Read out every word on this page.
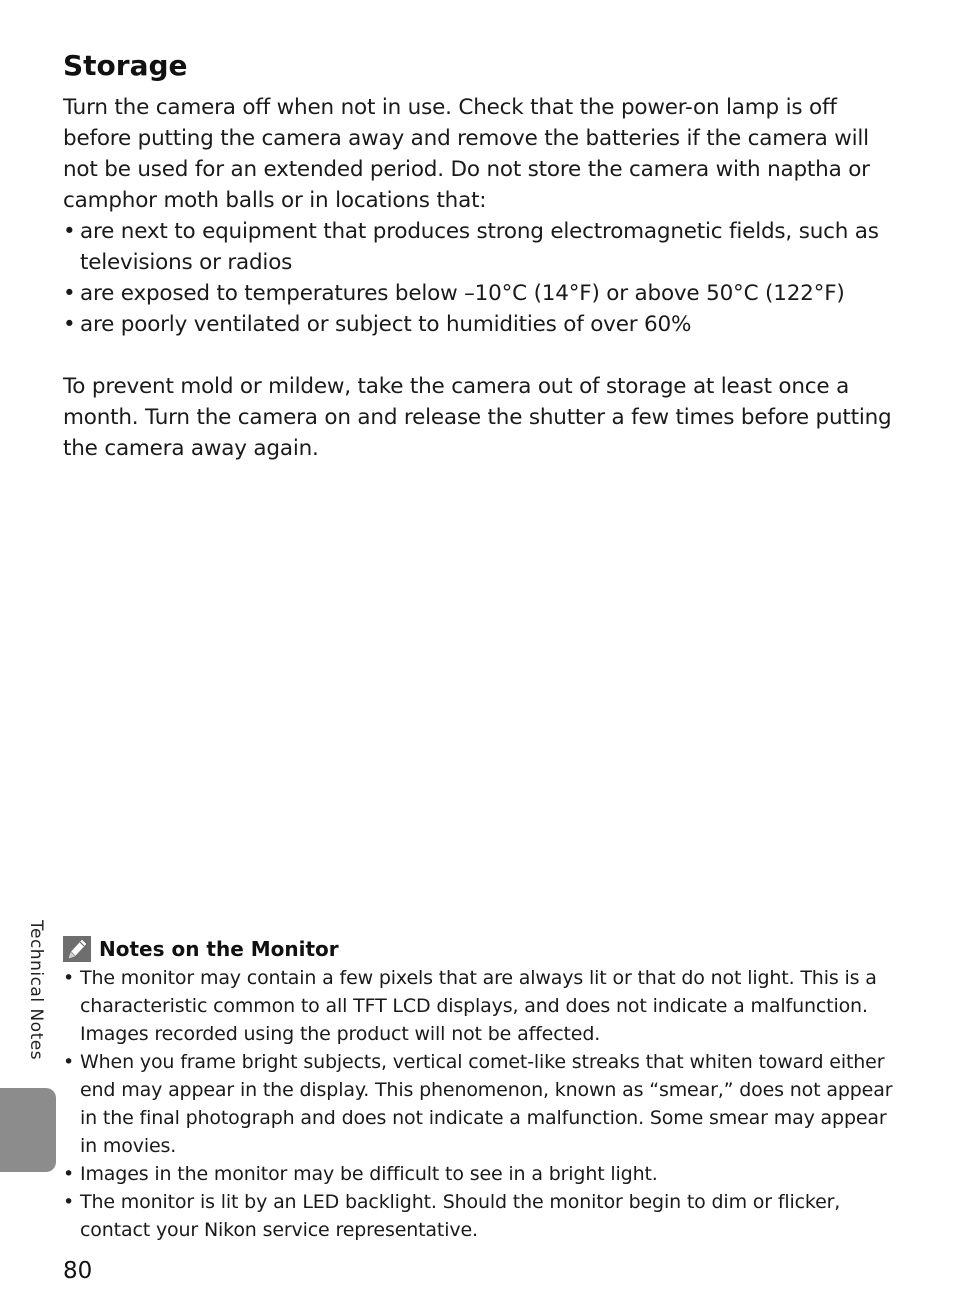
Storage

Turn the camera off when not in use. Check that the power-on lamp is off before putting the camera away and remove the batteries if the camera will not be used for an extended period. Do not store the camera with naptha or camphor moth balls or in locations that:

• are next to equipment that produces strong electromagnetic fields, such as televisions or radios
• are exposed to temperatures below –10°C (14°F) or above 50°C (122°F)
• are poorly ventilated or subject to humidities of over 60%

To prevent mold or mildew, take the camera out of storage at least once a month. Turn the camera on and release the shutter a few times before putting the camera away again.

Technical Notes	Notes on the Monitor
• The monitor may contain a few pixels that are always lit or that do not light. This is a characteristic common to all TFT LCD displays, and does not indicate a malfunction. Images recorded using the product will not be affected.
• When you frame bright subjects, vertical comet-like streaks that whiten toward either end may appear in the display. This phenomenon, known as “smear,” does not appear in the final photograph and does not indicate a malfunction. Some smear may appear in movies.
• Images in the monitor may be difficult to see in a bright light.
• The monitor is lit by an LED backlight. Should the monitor begin to dim or flicker, contact your Nikon service representative.
80
